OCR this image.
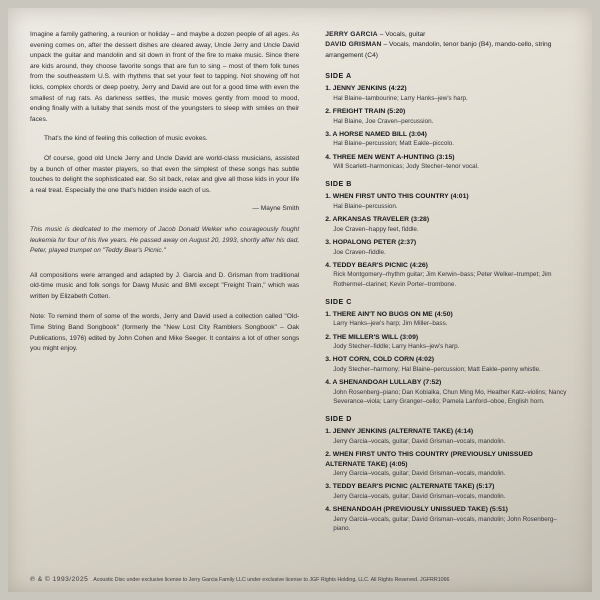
Imagine a family gathering, a reunion or holiday – and maybe a dozen people of all ages. As evening comes on, after the dessert dishes are cleared away, Uncle Jerry and Uncle David unpack the guitar and mandolin and sit down in front of the fire to make music. Since there are kids around, they choose favorite songs that are fun to sing – most of them folk tunes from the southeastern U.S. with rhythms that set your feet to tapping. Not showing off hot licks, complex chords or deep poetry, Jerry and David are out for a good time with even the smallest of rug rats. As darkness settles, the music moves gently from mood to mood, ending finally with a lullaby that sends most of the youngsters to sleep with smiles on their faces.

That's the kind of feeling this collection of music evokes.

Of course, good old Uncle Jerry and Uncle David are world-class musicians, assisted by a bunch of other master players, so that even the simplest of these songs has subtle touches to delight the sophisticated ear. So sit back, relax and give all those kids in your life a real treat. Especially the one that's hidden inside each of us.

— Mayne Smith
This music is dedicated to the memory of Jacob Donald Welker who courageously fought leukemia for four of his five years. He passed away on August 20, 1993, shortly after his dad, Peter, played trumpet on "Teddy Bear's Picnic."
All compositions were arranged and adapted by J. Garcia and D. Grisman from traditional old-time music and folk songs for Dawg Music and BMI except "Freight Train," which was written by Elizabeth Cotten.
Note: To remind them of some of the words, Jerry and David used a collection called "Old-Time String Band Songbook" (formerly the "New Lost City Ramblers Songbook" – Oak Publications, 1976) edited by John Cohen and Mike Seeger. It contains a lot of other songs you might enjoy.
JERRY GARCIA – Vocals, guitar
DAVID GRISMAN – Vocals, mandolin, tenor banjo (B4), mando-cello, string arrangement (C4)
SIDE A
1. JENNY JENKINS (4:22)
Hal Blaine–tambourine; Larry Hanks–jew's harp.
2. FREIGHT TRAIN (5:20)
Hal Blaine, Joe Craven–percussion.
3. A HORSE NAMED BILL (3:04)
Hal Blaine–percussion; Matt Eakle–piccolo.
4. THREE MEN WENT A-HUNTING (3:15)
Will Scarlett–harmonicas; Jody Stecher–tenor vocal.
SIDE B
1. WHEN FIRST UNTO THIS COUNTRY (4:01)
Hal Blaine–percussion.
2. ARKANSAS TRAVELER (3:28)
Joe Craven–happy feet, fiddle.
3. HOPALONG PETER (2:37)
Joe Craven–fiddle.
4. TEDDY BEAR'S PICNIC (4:26)
Rick Montgomery–rhythm guitar; Jim Kerwin–bass; Peter Welker–trumpet; Jim Rothermel–clarinet; Kevin Porter–trombone.
SIDE C
1. THERE AIN'T NO BUGS ON ME (4:50)
Larry Hanks–jew's harp; Jim Miller–bass.
2. THE MILLER'S WILL (3:09)
Jody Stecher–fiddle; Larry Hanks–jew's harp.
3. HOT CORN, COLD CORN (4:02)
Jody Stecher–harmony; Hal Blaine–percussion; Matt Eakle–penny whistle.
4. A SHENANDOAH LULLABY (7:52)
John Rosenberg–piano; Dan Kobialka, Chun Ming Mo, Heather Katz–violins; Nancy Severance–viola; Larry Granger–cello; Pamela Lanford–oboe, English horn.
SIDE D
1. JENNY JENKINS (ALTERNATE TAKE) (4:14)
Jerry Garcia–vocals, guitar; David Grisman–vocals, mandolin.
2. WHEN FIRST UNTO THIS COUNTRY (PREVIOUSLY UNISSUED ALTERNATE TAKE) (4:05)
Jerry Garcia–vocals, guitar; David Grisman–vocals, mandolin.
3. TEDDY BEAR'S PICNIC (ALTERNATE TAKE) (5:17)
Jerry Garcia–vocals, guitar; David Grisman–vocals, mandolin.
4. SHENANDOAH (PREVIOUSLY UNISSUED TAKE) (5:51)
Jerry Garcia–vocals, guitar; David Grisman–vocals, mandolin; John Rosenberg–piano.
℗ & © 1993/2025 Acoustic Disc under exclusive license to Jerry Garcia Family LLC under exclusive license to JGF Rights Holding, LLC. All Rights Reserved. JGFRR1066
